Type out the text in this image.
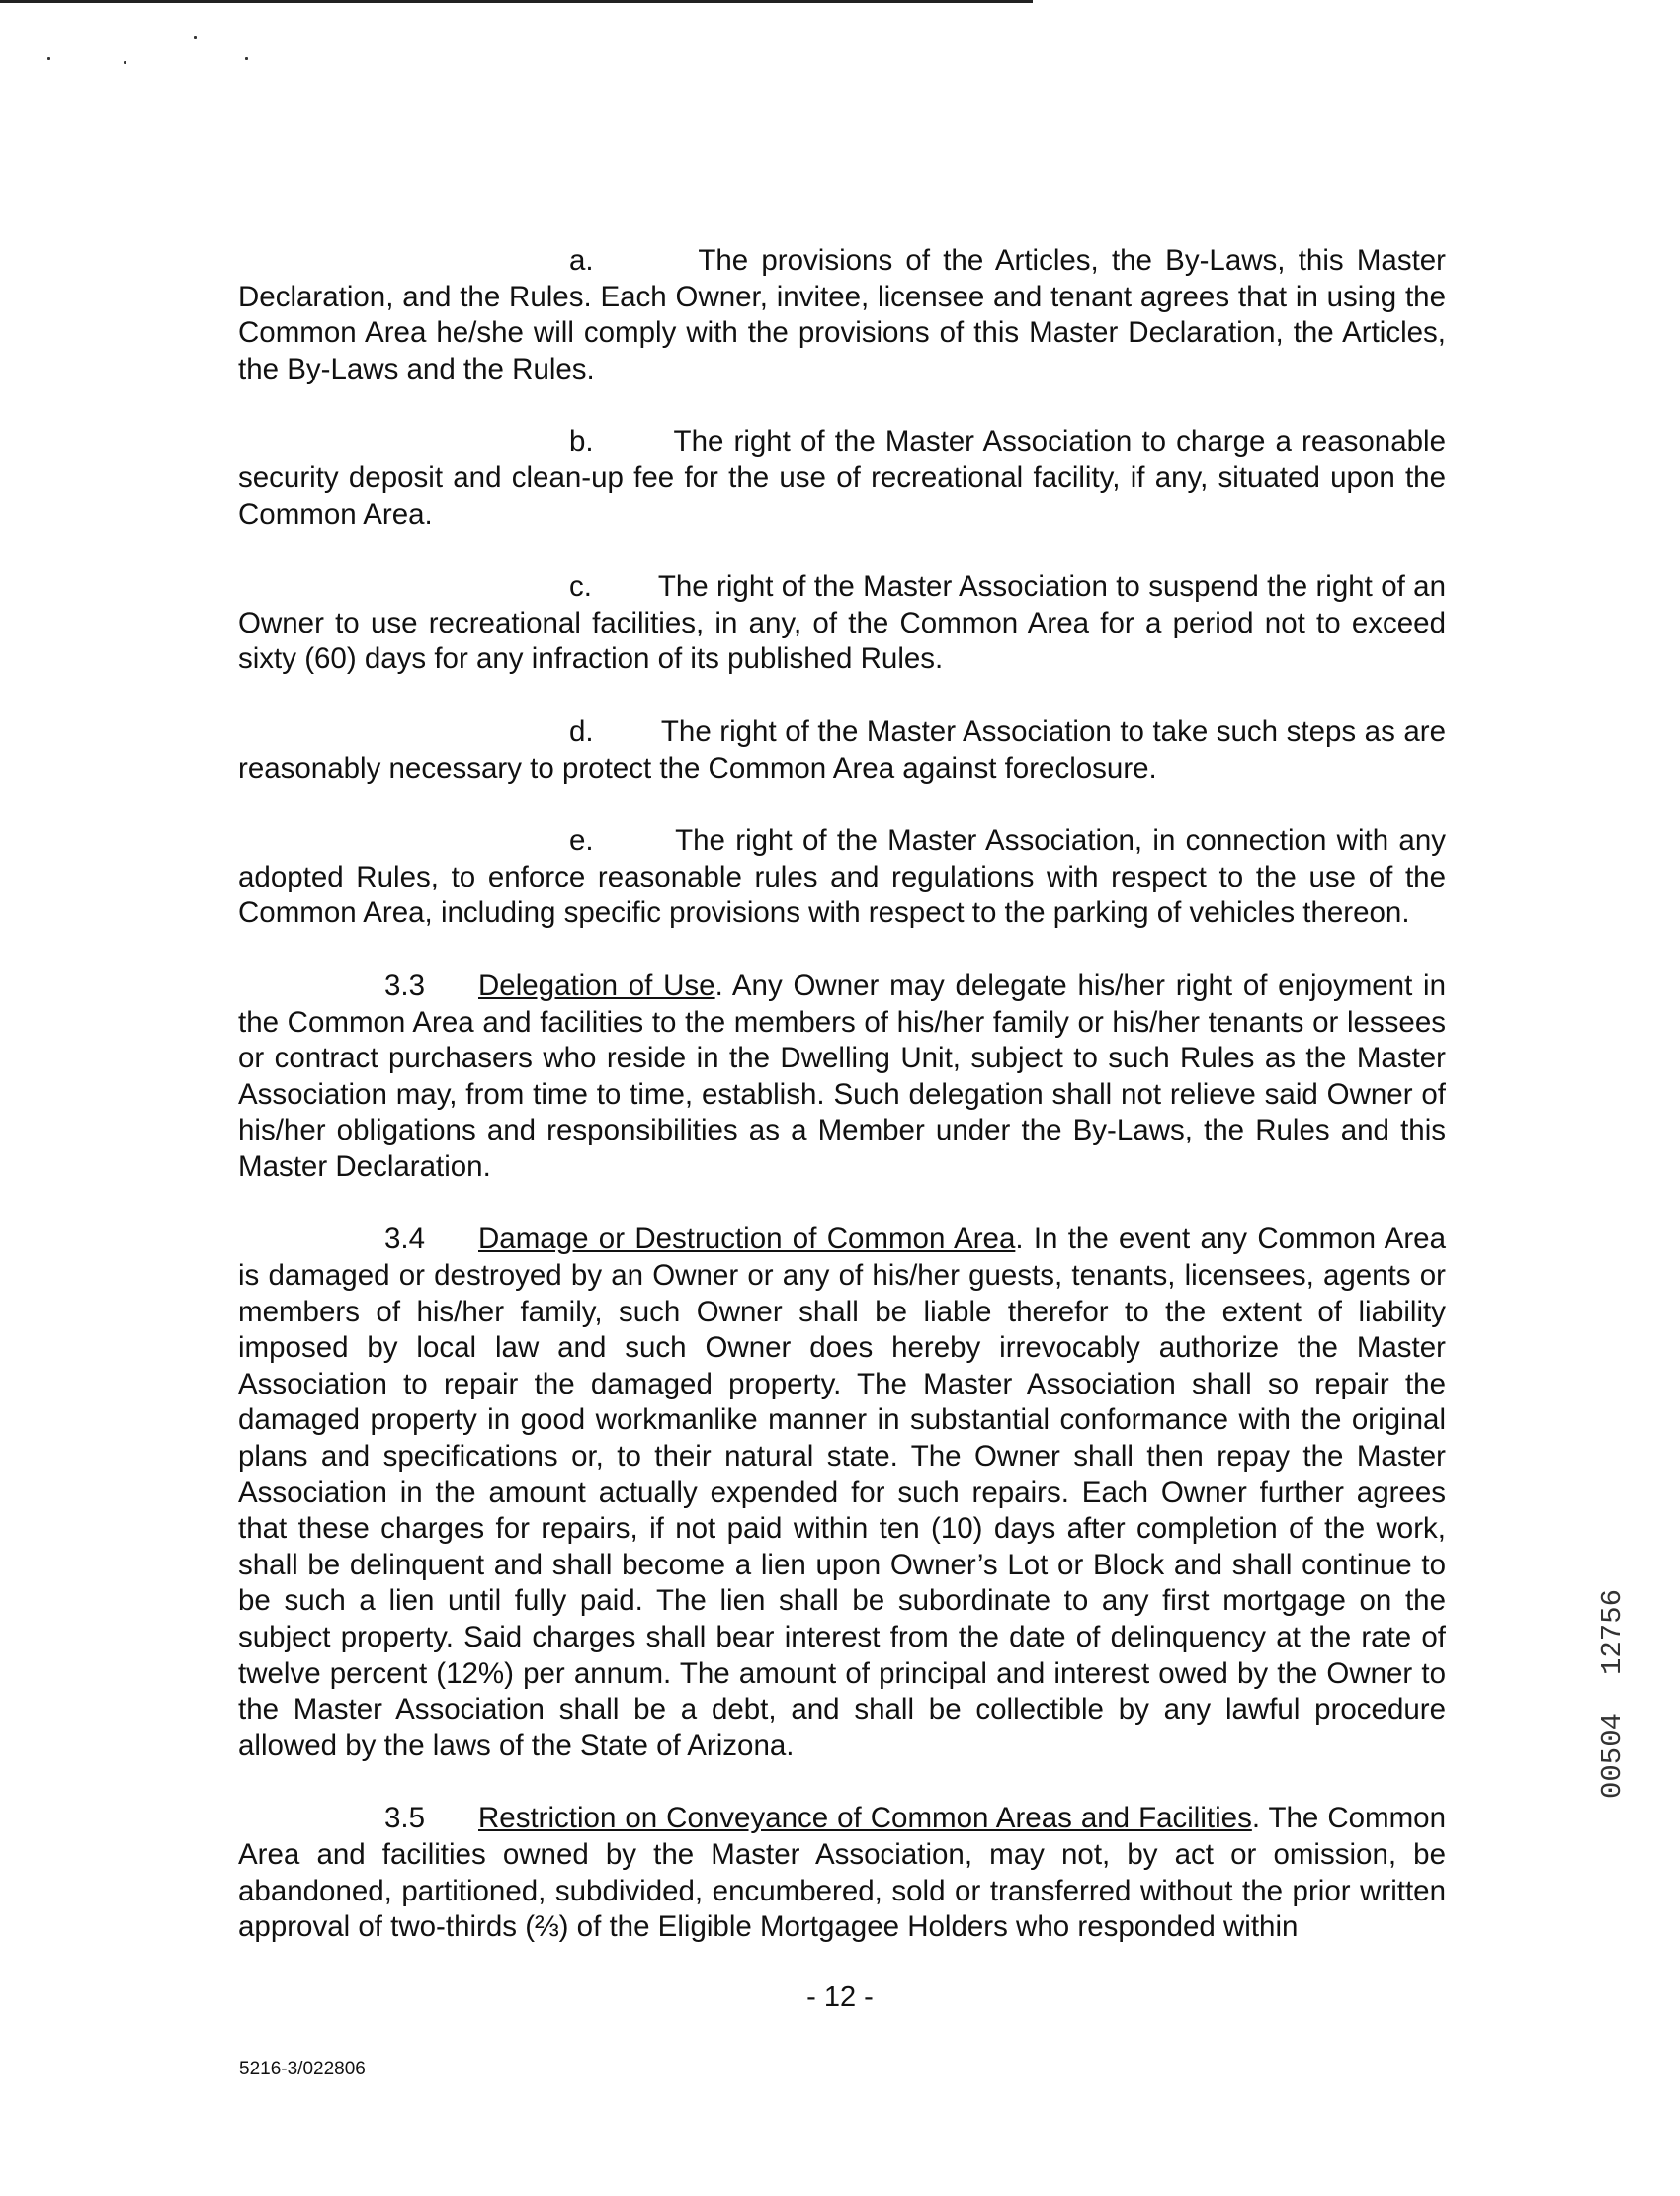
a.	The provisions of the Articles, the By-Laws, this Master Declaration, and the Rules. Each Owner, invitee, licensee and tenant agrees that in using the Common Area he/she will comply with the provisions of this Master Declaration, the Articles, the By-Laws and the Rules.

b.	The right of the Master Association to charge a reasonable security deposit and clean-up fee for the use of recreational facility, if any, situated upon the Common Area.

c. The right of the Master Association to suspend the right of an Owner to use recreational facilities, in any, of the Common Area for a period not to exceed sixty (60) days for any infraction of its published Rules.

d. The right of the Master Association to take such steps as are reasonably necessary to protect the Common Area against foreclosure.

e.	The right of the Master Association, in connection with any adopted Rules, to enforce reasonable rules and regulations with respect to the use of the Common Area, including specific provisions with respect to the parking of vehicles thereon.

3.3 Delegation of Use. Any Owner may delegate his/her right of enjoyment in the Common Area and facilities to the members of his/her family or his/her tenants or lessees or contract purchasers who reside in the Dwelling Unit, subject to such Rules as the Master Association may, from time to time, establish. Such delegation shall not relieve said Owner of his/her obligations and responsibilities as a Member under the By-Laws, the Rules and this Master Declaration.

3.4 Damage or Destruction of Common Area. In the event any Common Area is damaged or destroyed by an Owner or any of his/her guests, tenants, licensees, agents or members of his/her family, such Owner shall be liable therefor to the extent of liability imposed by local law and such Owner does hereby irrevocably authorize the Master Association to repair the damaged property. The Master Association shall so repair the damaged property in good workmanlike manner in substantial conformance with the original plans and specifications or, to their natural state. The Owner shall then repay the Master Association in the amount actually expended for such repairs. Each Owner further agrees that these charges for repairs, if not paid within ten (10) days after completion of the work, shall be delinquent and shall become a lien upon Owner’s Lot or Block and shall continue to be such a lien until fully paid. The lien shall be subordinate to any first mortgage on the subject property. Said charges shall bear interest from the date of delinquency at the rate of twelve percent (12%) per annum. The amount of principal and interest owed by the Owner to the Master Association shall be a debt, and shall be collectible by any lawful procedure allowed by the laws of the State of Arizona.

3.5 Restriction on Conveyance of Common Areas and Facilities. The Common Area and facilities owned by the Master Association, may not, by act or omission, be abandoned, partitioned, subdivided, encumbered, sold or transferred without the prior written approval of two-thirds (⅔) of the Eligible Mortgagee Holders who responded within

- 12 -
5216-3/022806
12756
00504
